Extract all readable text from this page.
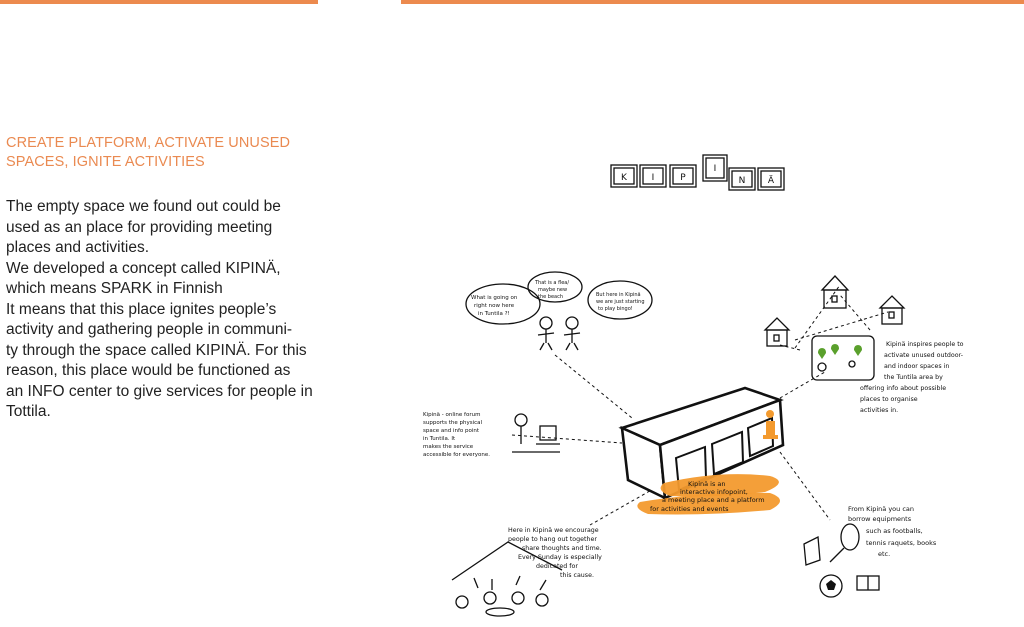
CREATE PLATFORM, ACTIVATE UNUSED
SPACES, IGNITE ACTIVITIES

The empty space we found out could be

used as an place for providing meeting

places and activities.

We developed a concept called KIPINÄ,

which means SPARK in Finnish

It means that this place ignites people’s

activity and gathering people in communi-

ty through the space called KIPINÄ. For this

reason, this place would be functioned as

an INFO center to give services for people in

Tottila.

K	I	P
I
N	Ä
What is going on
right now here
in Tuntila ?!
That is a flea/
maybe new
the beach	But here in Kipinä
we are just starting
to play bingo!
Kipinä - online forum
supports the physical
space and info point
in Tuntila. It
makes the service
accessible for everyone.
Kipinä inspires people to
activate unused outdoor-
and indoor spaces in
the Tuntila area by
offering info about possible
places to organise
activities in.
Kipinä is an
interactive infopoint,
a meeting place and a platform
for activities and events	From Kipinä you can
borrow equipments
such as footballs,
tennis raquets, books
etc.
Here in Kipinä we encourage
people to hang out together
share thoughts and time.
Every Sunday is especially
dedicated for
this cause.
